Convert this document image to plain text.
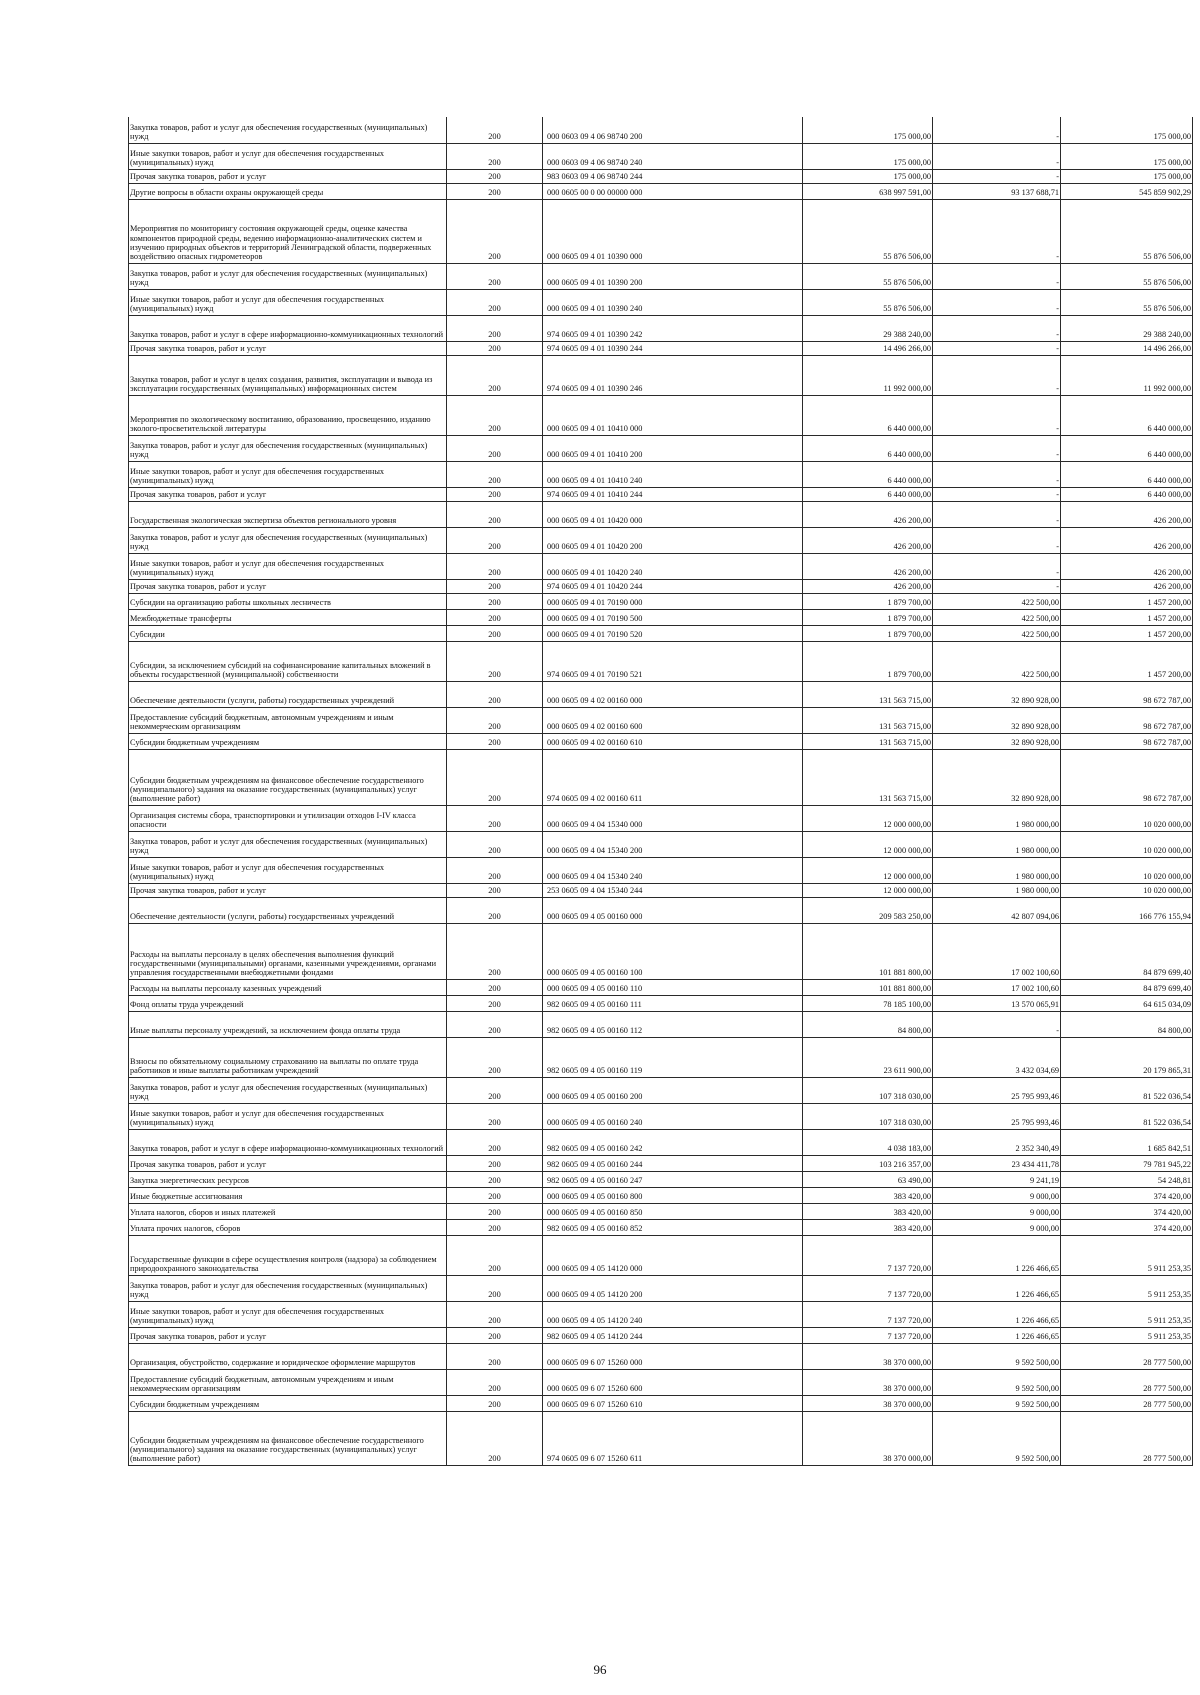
Закупка товаров, работ и услуг для обеспечения государственных (муниципальных) нужд	200	000 0603 09 4 06 98740 200	175 000,00	-	175 000,00
Иные закупки товаров, работ и услуг для обеспечения государственных (муниципальных) нужд	200	000 0603 09 4 06 98740 240	175 000,00	-	175 000,00
Прочая закупка товаров, работ и услуг	200	983 0603 09 4 06 98740 244	175 000,00	-	175 000,00
Другие вопросы в области охраны окружающей среды	200	000 0605 00 0 00 00000 000	638 997 591,00	93 137 688,71	545 859 902,29
Мероприятия по мониторингу состояния окружающей среды, оценке качества компонентов природной среды, ведению информационно-аналитических систем и изучению природных объектов и территорий Ленинградской области, подверженных воздействию опасных гидрометеоров	200	000 0605 09 4 01 10390 000	55 876 506,00	-	55 876 506,00
Закупка товаров, работ и услуг для обеспечения государственных (муниципальных) нужд	200	000 0605 09 4 01 10390 200	55 876 506,00	-	55 876 506,00
Иные закупки товаров, работ и услуг для обеспечения государственных (муниципальных) нужд	200	000 0605 09 4 01 10390 240	55 876 506,00	-	55 876 506,00
Закупка товаров, работ и услуг в сфере информационно-коммуникационных технологий	200	974 0605 09 4 01 10390 242	29 388 240,00	-	29 388 240,00
Прочая закупка товаров, работ и услуг	200	974 0605 09 4 01 10390 244	14 496 266,00	-	14 496 266,00
Закупка товаров, работ и услуг в целях создания, развития, эксплуатации и вывода из эксплуатации государственных (муниципальных) информационных систем	200	974 0605 09 4 01 10390 246	11 992 000,00	-	11 992 000,00
Мероприятия по экологическому воспитанию, образованию, просвещению, изданию эколого-просветительской литературы	200	000 0605 09 4 01 10410 000	6 440 000,00	-	6 440 000,00
Закупка товаров, работ и услуг для обеспечения государственных (муниципальных) нужд	200	000 0605 09 4 01 10410 200	6 440 000,00	-	6 440 000,00
Иные закупки товаров, работ и услуг для обеспечения государственных (муниципальных) нужд	200	000 0605 09 4 01 10410 240	6 440 000,00	-	6 440 000,00
Прочая закупка товаров, работ и услуг	200	974 0605 09 4 01 10410 244	6 440 000,00	-	6 440 000,00
Государственная экологическая экспертиза объектов регионального уровня	200	000 0605 09 4 01 10420 000	426 200,00	-	426 200,00
Закупка товаров, работ и услуг для обеспечения государственных (муниципальных) нужд	200	000 0605 09 4 01 10420 200	426 200,00	-	426 200,00
Иные закупки товаров, работ и услуг для обеспечения государственных (муниципальных) нужд	200	000 0605 09 4 01 10420 240	426 200,00	-	426 200,00
Прочая закупка товаров, работ и услуг	200	974 0605 09 4 01 10420 244	426 200,00	-	426 200,00
Субсидии на организацию работы школьных лесничеств	200	000 0605 09 4 01 70190 000	1 879 700,00	422 500,00	1 457 200,00
Межбюджетные трансферты	200	000 0605 09 4 01 70190 500	1 879 700,00	422 500,00	1 457 200,00
Субсидии	200	000 0605 09 4 01 70190 520	1 879 700,00	422 500,00	1 457 200,00
Субсидии, за исключением субсидий на софинансирование капитальных вложений в объекты государственной (муниципальной) собственности	200	974 0605 09 4 01 70190 521	1 879 700,00	422 500,00	1 457 200,00
Обеспечение деятельности (услуги, работы) государственных учреждений	200	000 0605 09 4 02 00160 000	131 563 715,00	32 890 928,00	98 672 787,00
Предоставление субсидий бюджетным, автономным учреждениям и иным некоммерческим организациям	200	000 0605 09 4 02 00160 600	131 563 715,00	32 890 928,00	98 672 787,00
Субсидии бюджетным учреждениям	200	000 0605 09 4 02 00160 610	131 563 715,00	32 890 928,00	98 672 787,00
Субсидии бюджетным учреждениям на финансовое обеспечение государственного (муниципального) задания на оказание государственных (муниципальных) услуг (выполнение работ)	200	974 0605 09 4 02 00160 611	131 563 715,00	32 890 928,00	98 672 787,00
Организация системы сбора, транспортировки и утилизации отходов I-IV класса опасности	200	000 0605 09 4 04 15340 000	12 000 000,00	1 980 000,00	10 020 000,00
Закупка товаров, работ и услуг для обеспечения государственных (муниципальных) нужд	200	000 0605 09 4 04 15340 200	12 000 000,00	1 980 000,00	10 020 000,00
Иные закупки товаров, работ и услуг для обеспечения государственных (муниципальных) нужд	200	000 0605 09 4 04 15340 240	12 000 000,00	1 980 000,00	10 020 000,00
Прочая закупка товаров, работ и услуг	200	253 0605 09 4 04 15340 244	12 000 000,00	1 980 000,00	10 020 000,00
Обеспечение деятельности (услуги, работы) государственных учреждений	200	000 0605 09 4 05 00160 000	209 583 250,00	42 807 094,06	166 776 155,94
Расходы на выплаты персоналу в целях обеспечения выполнения функций государственными (муниципальными) органами, казенными учреждениями, органами управления государственными внебюджетными фондами	200	000 0605 09 4 05 00160 100	101 881 800,00	17 002 100,60	84 879 699,40
Расходы на выплаты персоналу казенных учреждений	200	000 0605 09 4 05 00160 110	101 881 800,00	17 002 100,60	84 879 699,40
Фонд оплаты труда учреждений	200	982 0605 09 4 05 00160 111	78 185 100,00	13 570 065,91	64 615 034,09
Иные выплаты персоналу учреждений, за исключением фонда оплаты труда	200	982 0605 09 4 05 00160 112	84 800,00	-	84 800,00
Взносы по обязательному социальному страхованию на выплаты по оплате труда работников и иные выплаты работникам учреждений	200	982 0605 09 4 05 00160 119	23 611 900,00	3 432 034,69	20 179 865,31
Закупка товаров, работ и услуг для обеспечения государственных (муниципальных) нужд	200	000 0605 09 4 05 00160 200	107 318 030,00	25 795 993,46	81 522 036,54
Иные закупки товаров, работ и услуг для обеспечения государственных (муниципальных) нужд	200	000 0605 09 4 05 00160 240	107 318 030,00	25 795 993,46	81 522 036,54
Закупка товаров, работ и услуг в сфере информационно-коммуникационных технологий	200	982 0605 09 4 05 00160 242	4 038 183,00	2 352 340,49	1 685 842,51
Прочая закупка товаров, работ и услуг	200	982 0605 09 4 05 00160 244	103 216 357,00	23 434 411,78	79 781 945,22
Закупка энергетических ресурсов	200	982 0605 09 4 05 00160 247	63 490,00	9 241,19	54 248,81
Иные бюджетные ассигнования	200	000 0605 09 4 05 00160 800	383 420,00	9 000,00	374 420,00
Уплата налогов, сборов и иных платежей	200	000 0605 09 4 05 00160 850	383 420,00	9 000,00	374 420,00
Уплата прочих налогов, сборов	200	982 0605 09 4 05 00160 852	383 420,00	9 000,00	374 420,00
Государственные функции в сфере осуществления контроля (надзора) за соблюдением природоохранного законодательства	200	000 0605 09 4 05 14120 000	7 137 720,00	1 226 466,65	5 911 253,35
Закупка товаров, работ и услуг для обеспечения государственных (муниципальных) нужд	200	000 0605 09 4 05 14120 200	7 137 720,00	1 226 466,65	5 911 253,35
Иные закупки товаров, работ и услуг для обеспечения государственных (муниципальных) нужд	200	000 0605 09 4 05 14120 240	7 137 720,00	1 226 466,65	5 911 253,35
Прочая закупка товаров, работ и услуг	200	982 0605 09 4 05 14120 244	7 137 720,00	1 226 466,65	5 911 253,35
Организация, обустройство, содержание и юридическое оформление маршрутов	200	000 0605 09 6 07 15260 000	38 370 000,00	9 592 500,00	28 777 500,00
Предоставление субсидий бюджетным, автономным учреждениям и иным некоммерческим организациям	200	000 0605 09 6 07 15260 600	38 370 000,00	9 592 500,00	28 777 500,00
Субсидии бюджетным учреждениям	200	000 0605 09 6 07 15260 610	38 370 000,00	9 592 500,00	28 777 500,00
Субсидии бюджетным учреждениям на финансовое обеспечение государственного (муниципального) задания на оказание государственных (муниципальных) услуг (выполнение работ)	200	974 0605 09 6 07 15260 611	38 370 000,00	9 592 500,00	28 777 500,00
96
